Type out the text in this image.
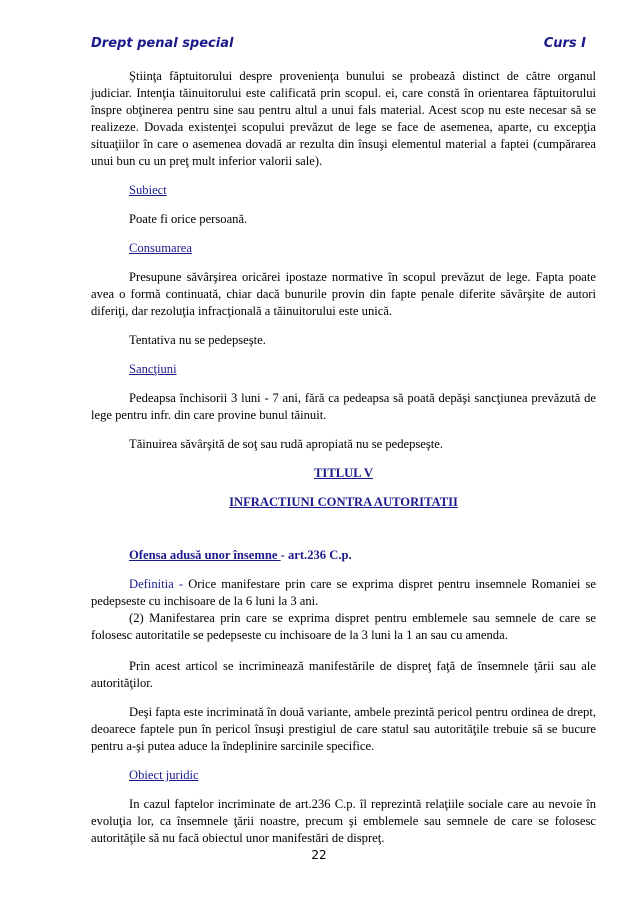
Drept penal special	Curs I

Ştiinţa făptuitorului despre provenienţa bunului se probează distinct de către organul judiciar. Intenţia tăinuitorului este calificată prin scopul. ei, care constă în orientarea făptuitorului înspre obţinerea pentru sine sau pentru altul a unui fals material. Acest scop nu este necesar să se realizeze. Dovada existenţei scopului prevăzut de lege se face de asemenea, aparte, cu excepţia situaţiilor în care o asemenea dovadă ar rezulta din însuşi elementul material a faptei (cumpărarea unui bun cu un preţ mult inferior valorii sale).

Subiect

Poate fi orice persoană.

Consumarea

Presupune săvârşirea oricărei ipostaze normative în scopul prevăzut de lege. Fapta poate avea o formă continuată, chiar dacă bunurile provin din fapte penale diferite săvârşite de autori diferiţi, dar rezoluţia infracţională a tăinuitorului este unică.

Tentativa nu se pedepseşte.

Sancţiuni

Pedeapsa închisorii 3 luni - 7 ani, fără ca pedeapsa să poată depăşi sancţiunea prevăzută de lege pentru infr. din care provine bunul tăinuit.

Tăinuirea săvârşită de soţ sau rudă apropiată nu se pedepseşte.

TITLUL V

INFRACTIUNI CONTRA AUTORITATII

Ofensa adusă unor însemne - art.236 C.p.

Definitia - Orice manifestare prin care se exprima dispret pentru insemnele Romaniei se pedepseste cu inchisoare de la 6 luni la 3 ani.

(2) Manifestarea prin care se exprima dispret pentru emblemele sau semnele de care se folosesc autoritatile se pedepseste cu inchisoare de la 3 luni la 1 an sau cu amenda.

Prin acest articol se incriminează manifestările de dispreţ faţă de însemnele ţării sau ale autorităţilor.

Deşi fapta este incriminată în două variante, ambele prezintă pericol pentru ordinea de drept, deoarece faptele pun în pericol însuşi prestigiul de care statul sau autorităţile trebuie să se bucure pentru a-şi putea aduce la îndeplinire sarcinile specifice.

Obiect juridic

In cazul faptelor incriminate de art.236 C.p. îl reprezintă relaţiile sociale care au nevoie în evoluţia lor, ca însemnele ţării noastre, precum şi emblemele sau semnele de care se folosesc autorităţile să nu facă obiectul unor manifestări de dispreţ.

22
